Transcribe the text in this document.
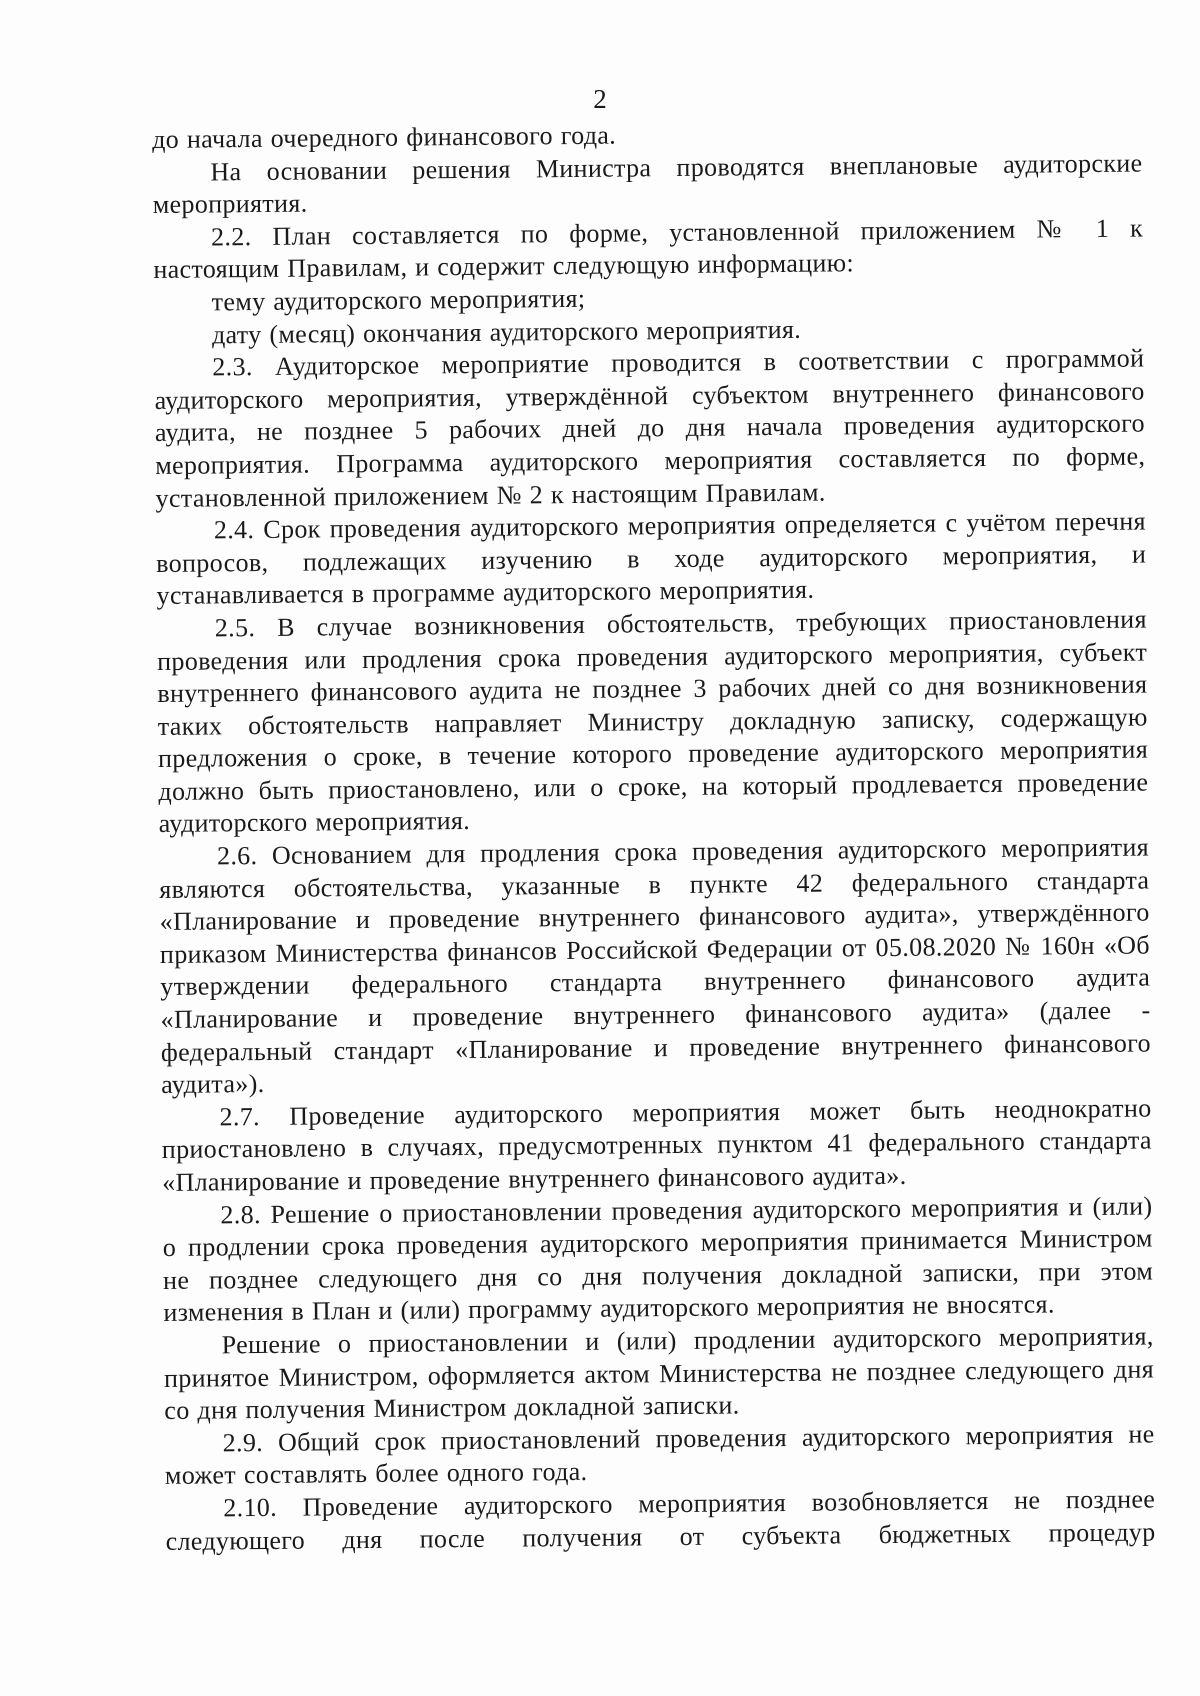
2

до начала очередного финансового года.

На основании решения Министра проводятся внеплановые аудиторские мероприятия.

2.2. План составляется по форме, установленной приложением № 1 к настоящим Правилам, и содержит следующую информацию:

тему аудиторского мероприятия;

дату (месяц) окончания аудиторского мероприятия.

2.3. Аудиторское мероприятие проводится в соответствии с программой аудиторского мероприятия, утверждённой субъектом внутреннего финансового аудита, не позднее 5 рабочих дней до дня начала проведения аудиторского мероприятия. Программа аудиторского мероприятия составляется по форме, установленной приложением № 2 к настоящим Правилам.

2.4. Срок проведения аудиторского мероприятия определяется с учётом перечня вопросов, подлежащих изучению в ходе аудиторского мероприятия, и устанавливается в программе аудиторского мероприятия.

2.5. В случае возникновения обстоятельств, требующих приостановления проведения или продления срока проведения аудиторского мероприятия, субъект внутреннего финансового аудита не позднее 3 рабочих дней со дня возникновения таких обстоятельств направляет Министру докладную записку, содержащую предложения о сроке, в течение которого проведение аудиторского мероприятия должно быть приостановлено, или о сроке, на который продлевается проведение аудиторского мероприятия.

2.6. Основанием для продления срока проведения аудиторского мероприятия являются обстоятельства, указанные в пункте 42 федерального стандарта «Планирование и проведение внутреннего финансового аудита», утверждённого приказом Министерства финансов Российской Федерации от 05.08.2020 № 160н «Об утверждении федерального стандарта внутреннего финансового аудита «Планирование и проведение внутреннего финансового аудита» (далее - федеральный стандарт «Планирование и проведение внутреннего финансового аудита»).

2.7. Проведение аудиторского мероприятия может быть неоднократно приостановлено в случаях, предусмотренных пунктом 41 федерального стандарта «Планирование и проведение внутреннего финансового аудита».

2.8. Решение о приостановлении проведения аудиторского мероприятия и (или) о продлении срока проведения аудиторского мероприятия принимается Министром не позднее следующего дня со дня получения докладной записки, при этом изменения в План и (или) программу аудиторского мероприятия не вносятся.

Решение о приостановлении и (или) продлении аудиторского мероприятия, принятое Министром, оформляется актом Министерства не позднее следующего дня со дня получения Министром докладной записки.

2.9. Общий срок приостановлений проведения аудиторского мероприятия не может составлять более одного года.

2.10. Проведение аудиторского мероприятия возобновляется не позднее следующего дня после получения от субъекта бюджетных процедур
